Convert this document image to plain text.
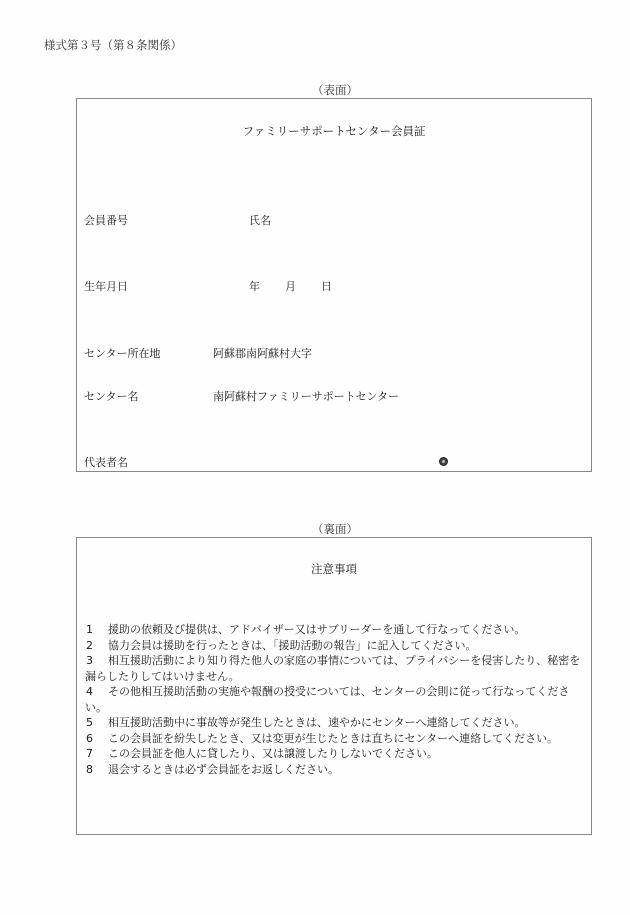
様式第３号（第８条関係）
（表面）
ファミリーサポートセンター会員証
会員番号	氏名
生年月日	年 月 日
センター所在地	阿蘇郡南阿蘇村大字
センター名	南阿蘇村ファミリーサポートセンター
代表者名
（裏面）
注意事項
1	援助の依頼及び提供は、アドバイザー又はサブリーダーを通して行なってください。
2	協力会員は援助を行ったときは、「援助活動の報告」に記入してください。
3 相互援助活動により知り得た他人の家庭の事情については、プライバシーを侵害したり、秘密を漏らしたりしてはいけません。
4 その他相互援助活動の実施や報酬の授受については、センターの会則に従って行なってください。
5	相互援助活動中に事故等が発生したときは、速やかにセンターへ連絡してください。
6 この会員証を紛失したとき、又は変更が生じたときは直ちにセンターへ連絡してください。
7	この会員証を他人に貸したり、又は譲渡したりしないでください。
8	退会するときは必ず会員証をお返しください。
